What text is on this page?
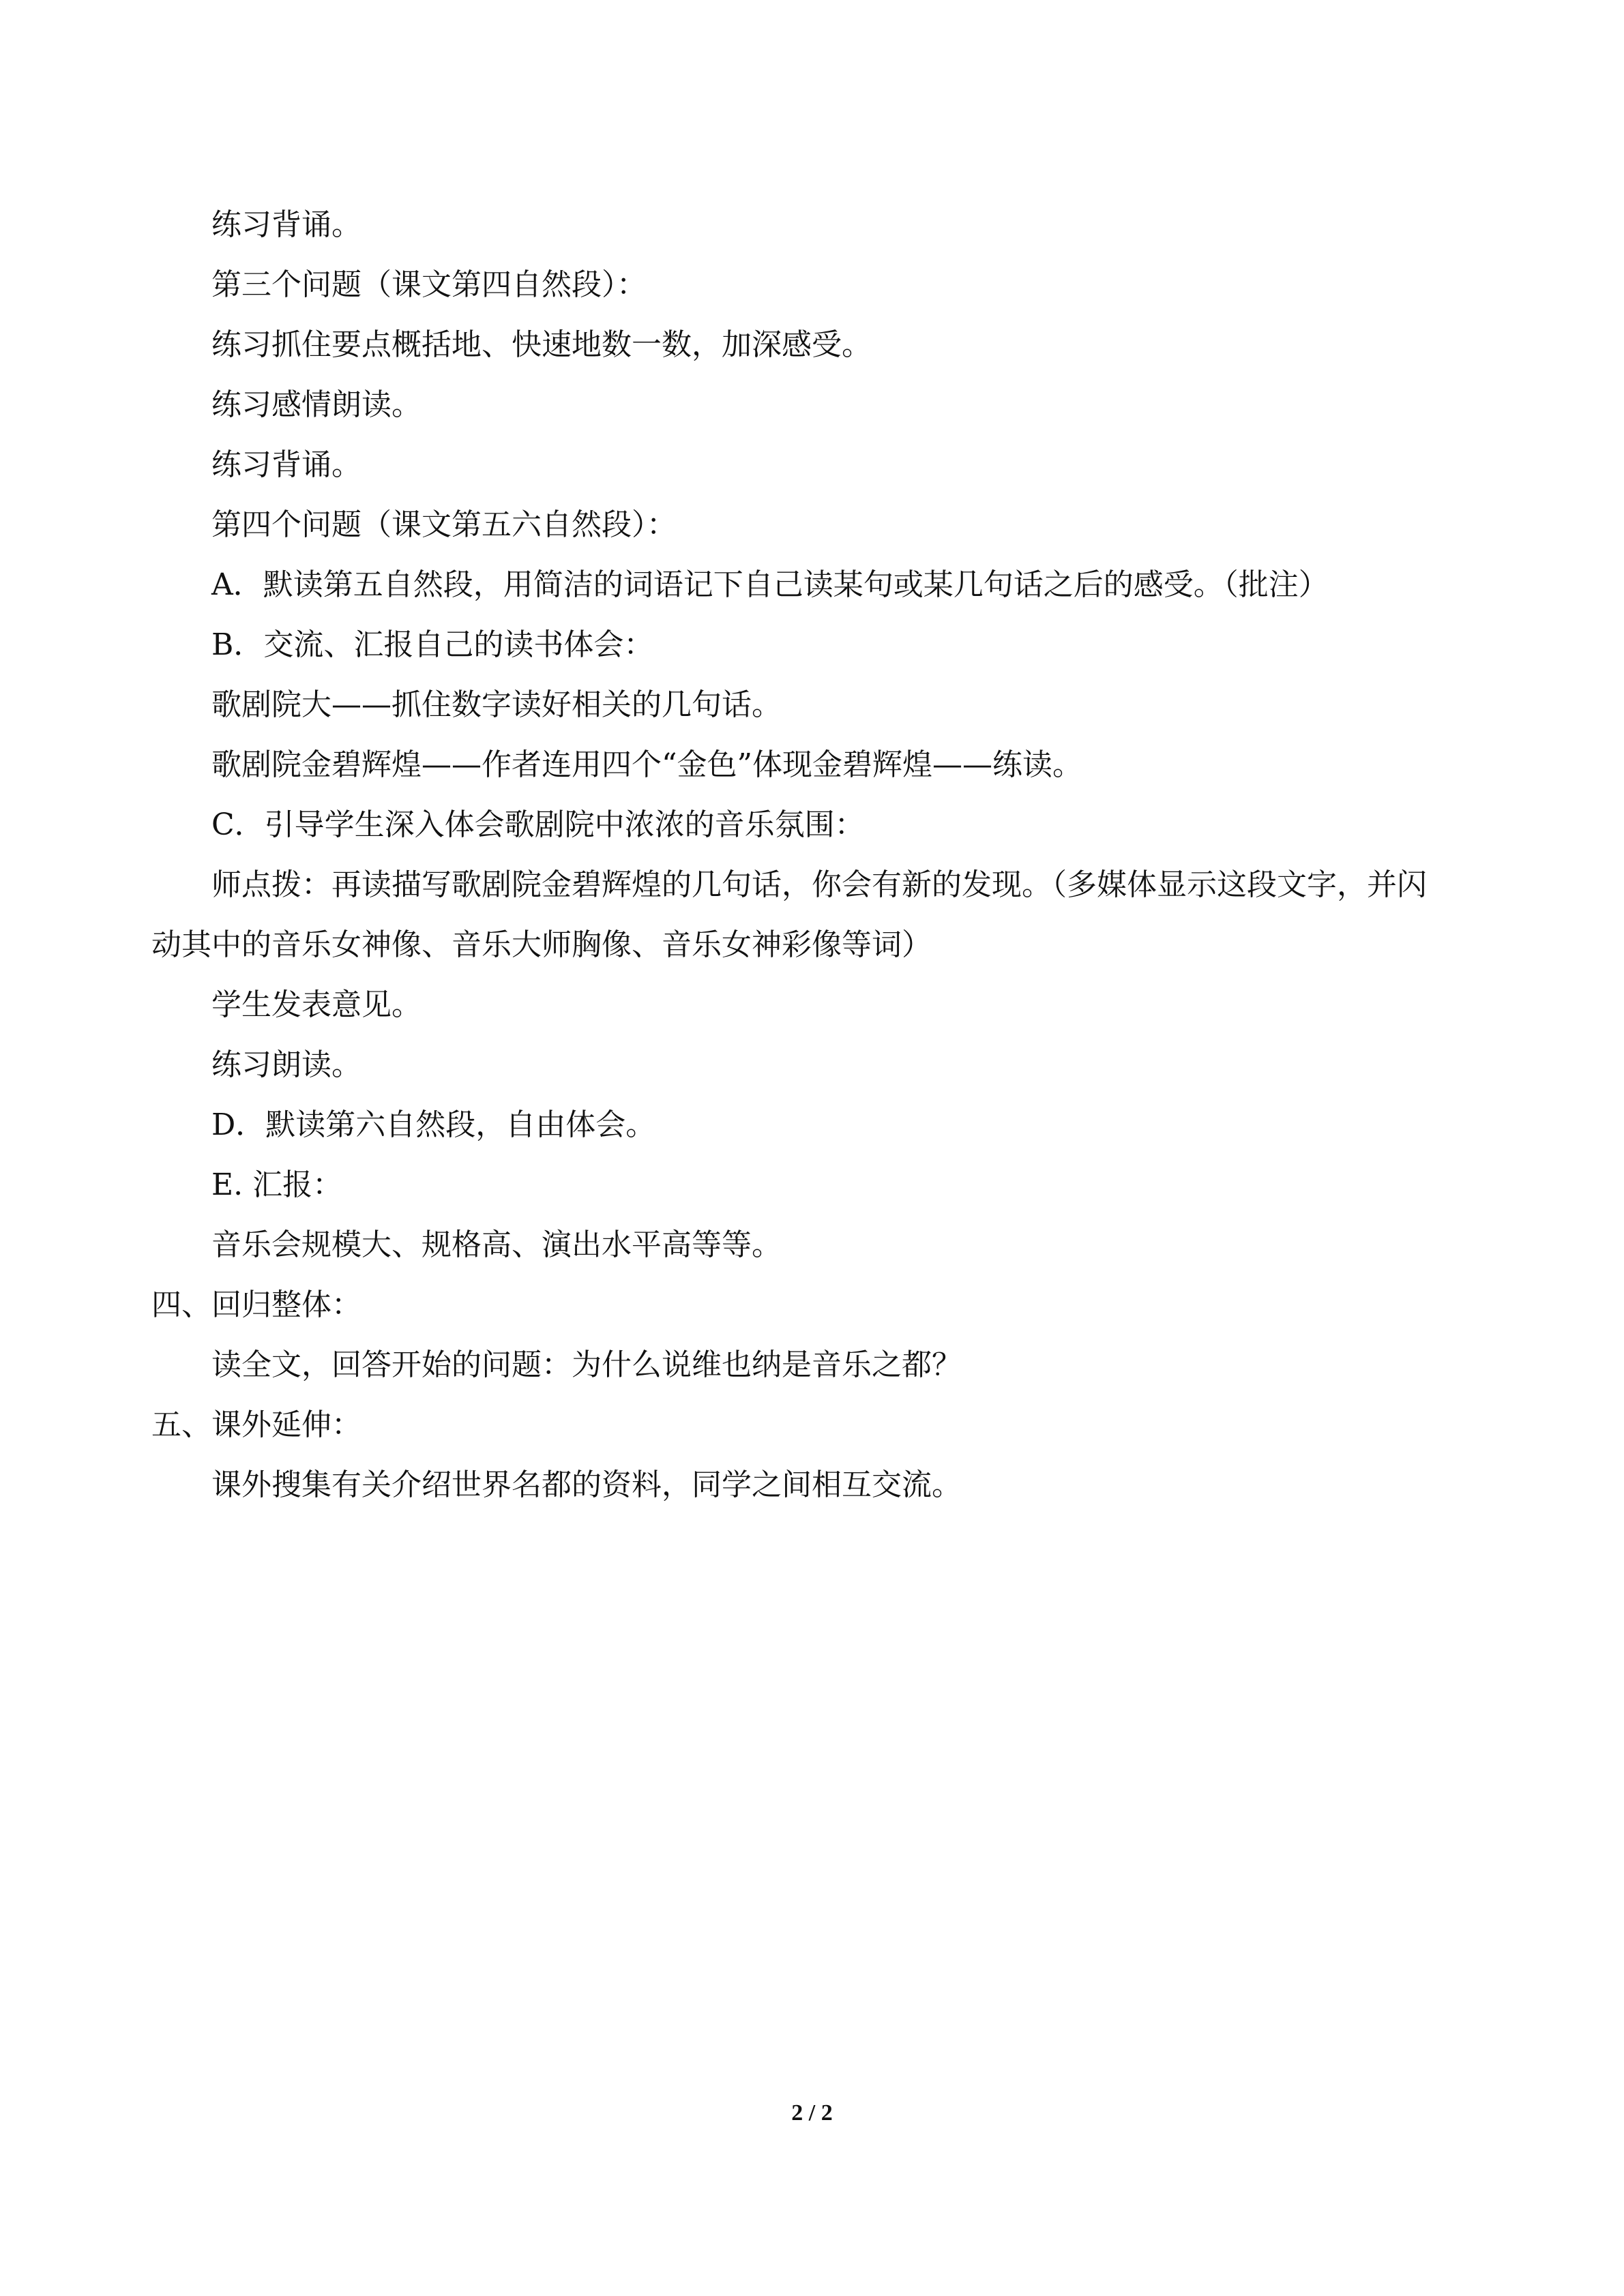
练习背诵。
第三个问题（课文第四自然段）：
练习抓住要点概括地、快速地数一数，加深感受。
练习感情朗读。
练习背诵。
第四个问题（课文第五六自然段）：
A．默读第五自然段，用简洁的词语记下自己读某句或某几句话之后的感受。（批注）
B．交流、汇报自己的读书体会：
歌剧院大——抓住数字读好相关的几句话。
歌剧院金碧辉煌——作者连用四个“金色”体现金碧辉煌——练读。
C．引导学生深入体会歌剧院中浓浓的音乐氛围：
师点拨：再读描写歌剧院金碧辉煌的几句话，你会有新的发现。（多媒体显示这段文字，并闪动其中的音乐女神像、音乐大师胸像、音乐女神彩像等词）
学生发表意见。
练习朗读。
D．默读第六自然段，自由体会。
E. 汇报：
音乐会规模大、规格高、演出水平高等等。
四、回归整体：
读全文，回答开始的问题：为什么说维也纳是音乐之都？
五、课外延伸：
课外搜集有关介绍世界名都的资料，同学之间相互交流。
2 / 2
